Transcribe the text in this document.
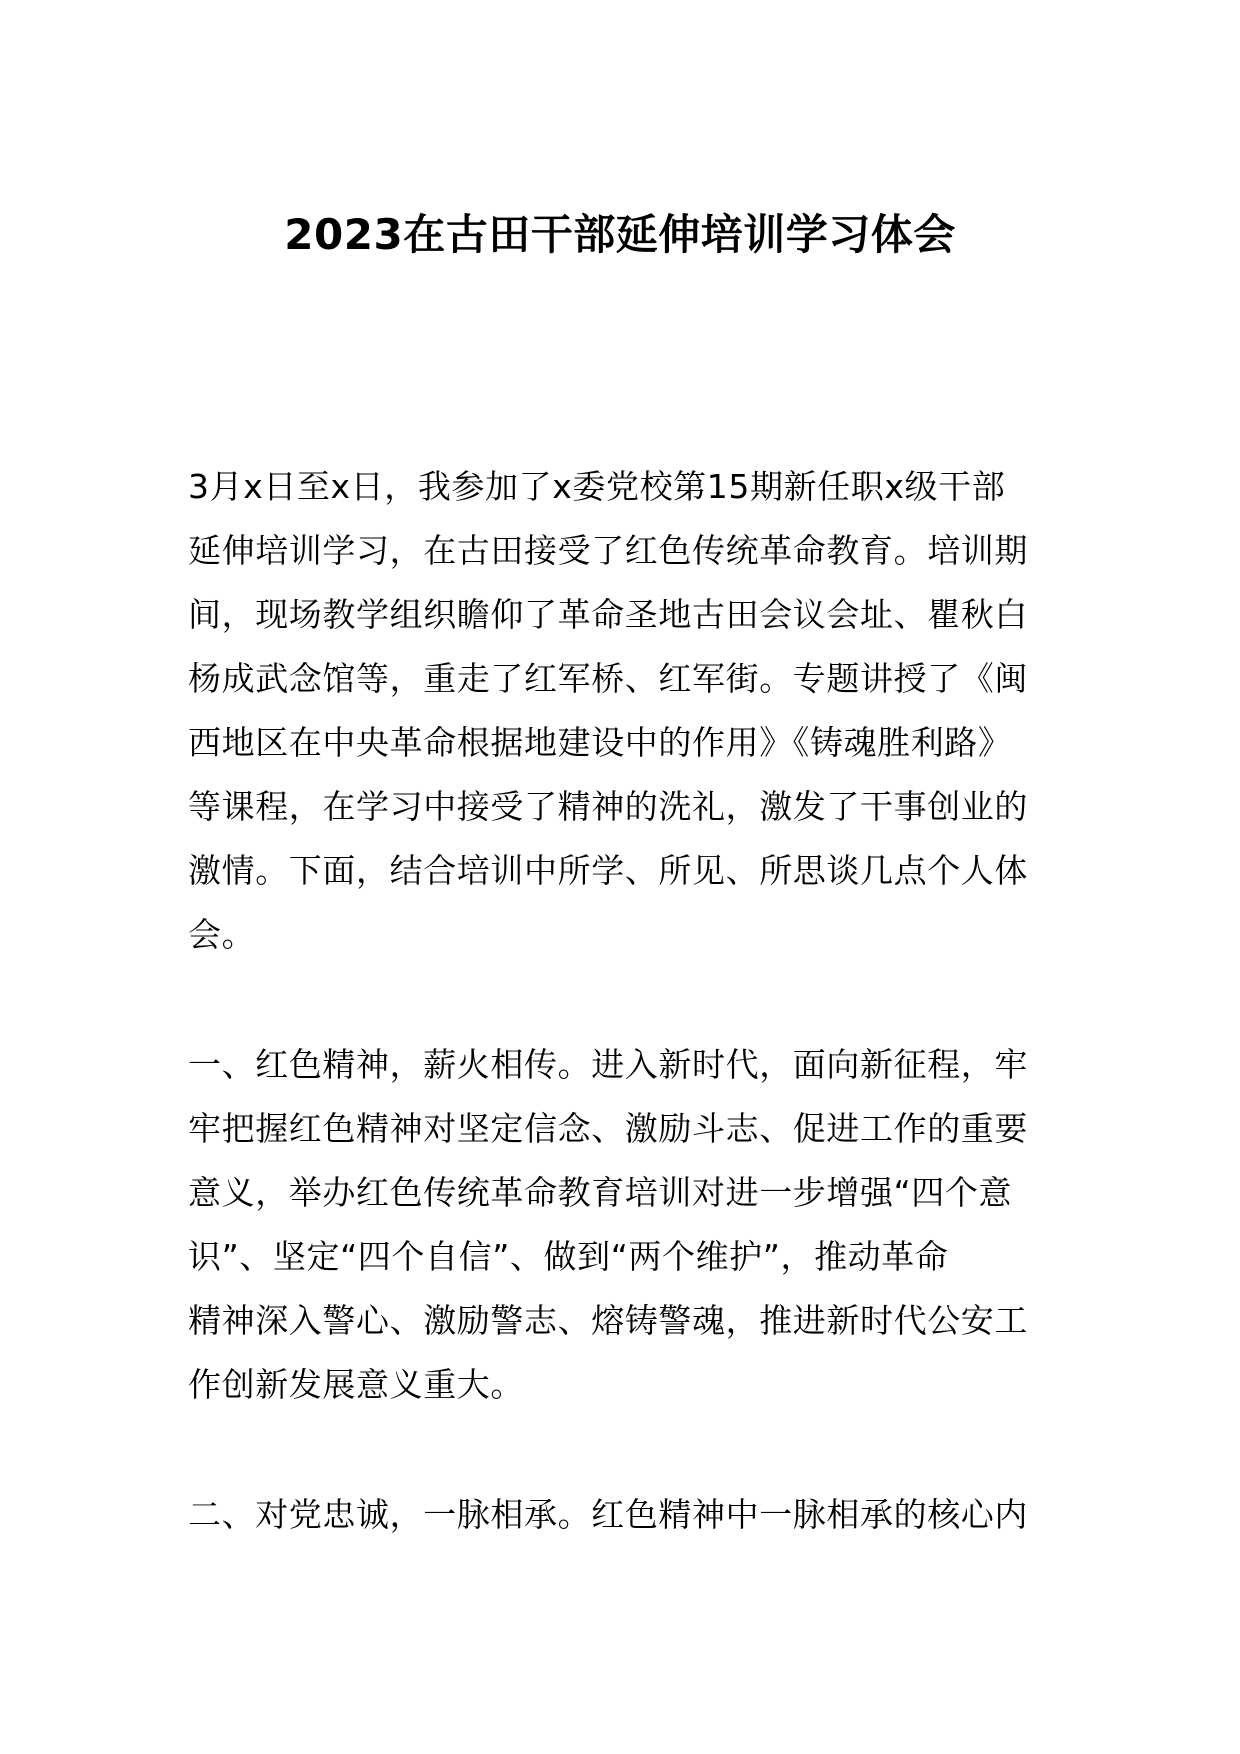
2023在古田干部延伸培训学习体会
3月x日至x日，我参加了x委党校第15期新任职x级干部
延伸培训学习，在古田接受了红色传统革命教育。培训期
间，现场教学组织瞻仰了革命圣地古田会议会址、瞿秋白
杨成武念馆等，重走了红军桥、红军街。专题讲授了《闽
西地区在中央革命根据地建设中的作用》《铸魂胜利路》
等课程，在学习中接受了精神的洗礼，激发了干事创业的
激情。下面，结合培训中所学、所见、所思谈几点个人体
会。
一、红色精神，薪火相传。进入新时代，面向新征程，牢
牢把握红色精神对坚定信念、激励斗志、促进工作的重要
意义，举办红色传统革命教育培训对进一步增强“四个意
识”、坚定“四个自信”、做到“两个维护”，推动革命
精神深入警心、激励警志、熔铸警魂，推进新时代公安工
作创新发展意义重大。
二、对党忠诚，一脉相承。红色精神中一脉相承的核心内
